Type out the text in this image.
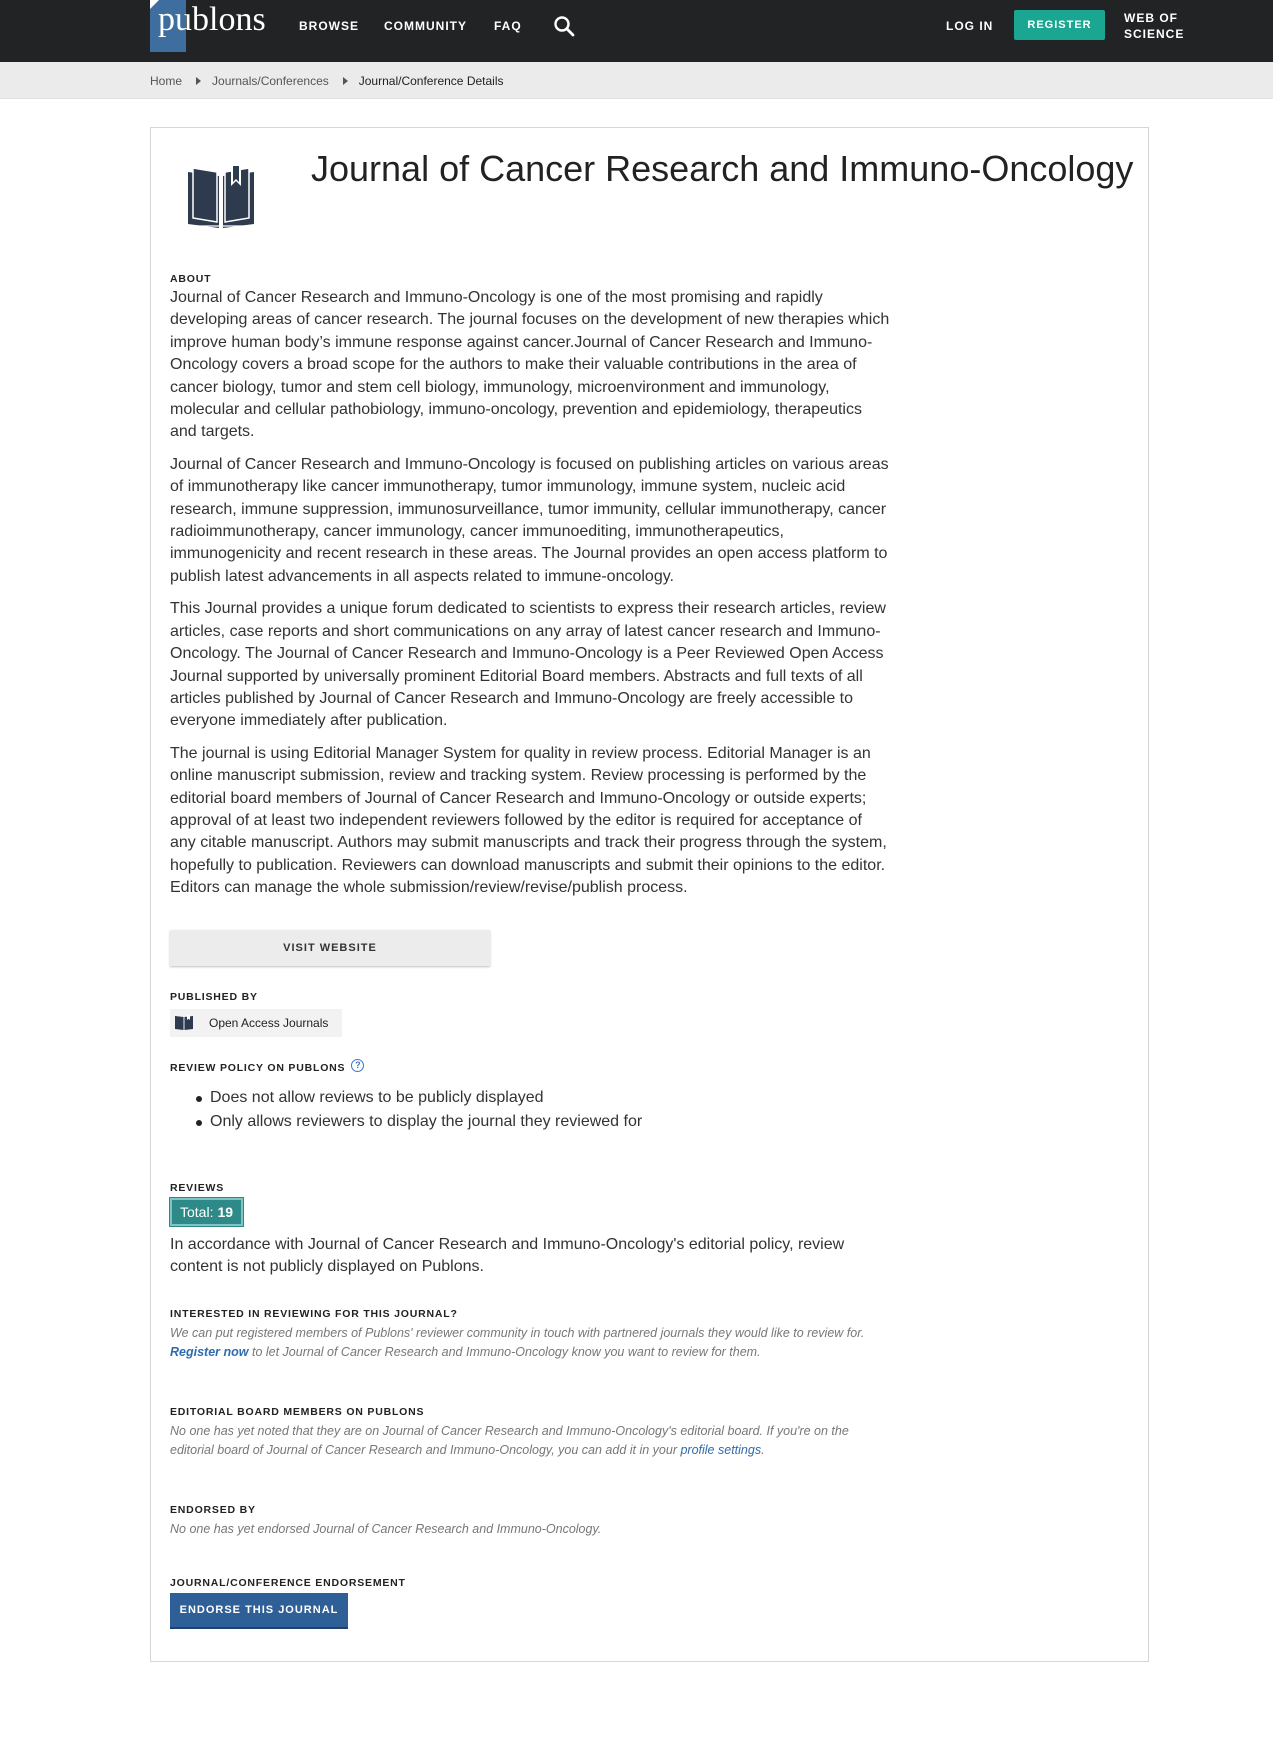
publons	BROWSE COMMUNITY FAQ	LOG IN	REGISTER	WEB OF
SCIENCE
Home	Journals/Conferences	Journal/Conference Details
Journal of Cancer Research and Immuno-Oncology
ABOUT

Journal of Cancer Research and Immuno-Oncology is one of the most promising and rapidly developing areas of cancer research. The journal focuses on the development of new therapies which improve human body’s immune response against cancer.Journal of Cancer Research and Immuno-Oncology covers a broad scope for the authors to make their valuable contributions in the area of cancer biology, tumor and stem cell biology, immunology, microenvironment and immunology, molecular and cellular pathobiology, immuno-oncology, prevention and epidemiology, therapeutics and targets.

Journal of Cancer Research and Immuno-Oncology is focused on publishing articles on various areas of immunotherapy like cancer immunotherapy, tumor immunology, immune system, nucleic acid research, immune suppression, immunosurveillance, tumor immunity, cellular immunotherapy, cancer radioimmunotherapy, cancer immunology, cancer immunoediting, immunotherapeutics, immunogenicity and recent research in these areas. The Journal provides an open access platform to publish latest advancements in all aspects related to immune-oncology.

This Journal provides a unique forum dedicated to scientists to express their research articles, review articles, case reports and short communications on any array of latest cancer research and Immuno-Oncology. The Journal of Cancer Research and Immuno-Oncology is a Peer Reviewed Open Access Journal supported by universally prominent Editorial Board members. Abstracts and full texts of all articles published by Journal of Cancer Research and Immuno-Oncology are freely accessible to everyone immediately after publication.

The journal is using Editorial Manager System for quality in review process. Editorial Manager is an online manuscript submission, review and tracking system. Review processing is performed by the editorial board members of Journal of Cancer Research and Immuno-Oncology or outside experts; approval of at least two independent reviewers followed by the editor is required for acceptance of any citable manuscript. Authors may submit manuscripts and track their progress through the system, hopefully to publication. Reviewers can download manuscripts and submit their opinions to the editor. Editors can manage the whole submission/review/revise/publish process.

VISIT WEBSITE
PUBLISHED BY
Open Access Journals
REVIEW POLICY ON PUBLONS ?
Does not allow reviews to be publicly displayed
Only allows reviewers to display the journal they reviewed for
REVIEWS
Total: 19

In accordance with Journal of Cancer Research and Immuno-Oncology's editorial policy, review content is not publicly displayed on Publons.

INTERESTED IN REVIEWING FOR THIS JOURNAL?

We can put registered members of Publons' reviewer community in touch with partnered journals they would like to review for. Register now to let Journal of Cancer Research and Immuno-Oncology know you want to review for them.

EDITORIAL BOARD MEMBERS ON PUBLONS

No one has yet noted that they are on Journal of Cancer Research and Immuno-Oncology's editorial board. If you're on the editorial board of Journal of Cancer Research and Immuno-Oncology, you can add it in your profile settings.

ENDORSED BY

No one has yet endorsed Journal of Cancer Research and Immuno-Oncology.

JOURNAL/CONFERENCE ENDORSEMENT
ENDORSE THIS JOURNAL
